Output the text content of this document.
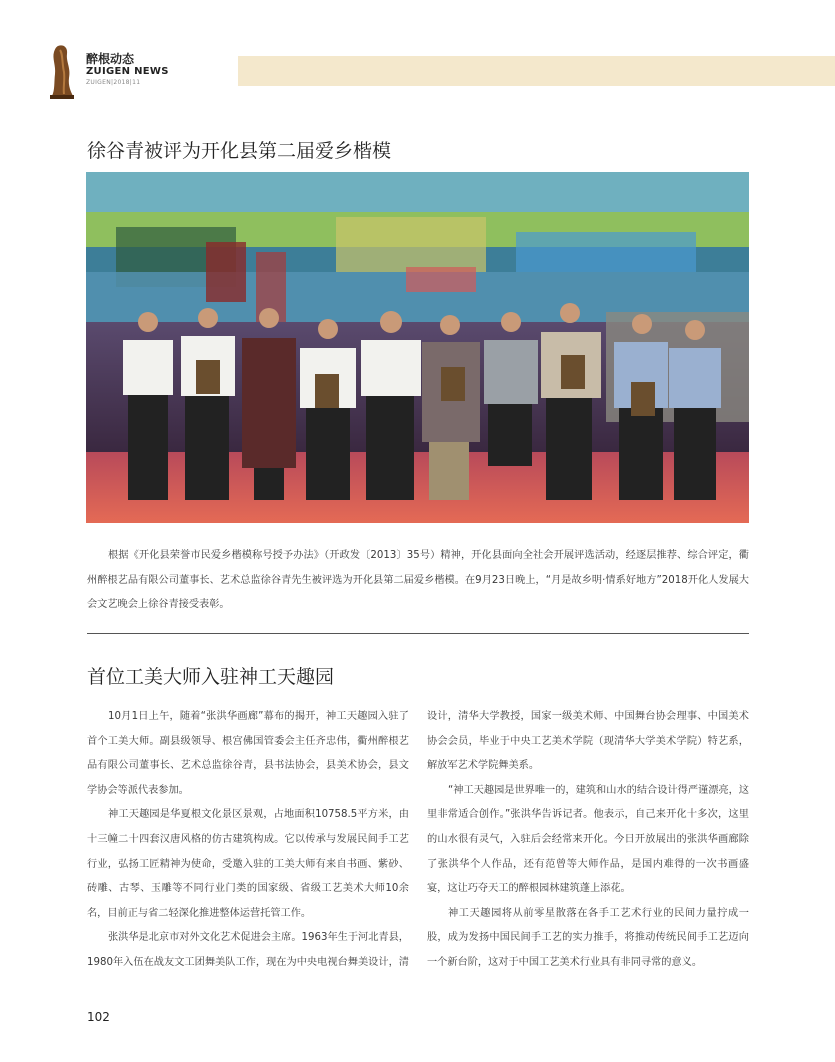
醉根动态
ZUIGEN NEWS
ZUIGEN|2018|11
徐谷青被评为开化县第二届爱乡楷模

根据《开化县荣誉市民爱乡楷模称号授予办法》（开政发〔2013〕35号）精神，开化县面向全社会开展评选活动，经逐层推荐、综合评定，衢州醉根艺品有限公司董事长、艺术总监徐谷青先生被评选为开化县第二届爱乡楷模。在9月23日晚上，“月是故乡明·情系好地方”2018开化人发展大会文艺晚会上徐谷青接受表彰。

首位工美大师入驻神工天趣园

10月1日上午，随着“张洪华画廊”幕布的揭开，神工天趣园入驻了首个工美大师。副县级领导、根宫佛国管委会主任齐忠伟，衢州醉根艺品有限公司董事长、艺术总监徐谷青，县书法协会，县美术协会，县文学协会等派代表参加。

神工天趣园是华夏根文化景区景观，占地面积10758.5平方米，由十三幢二十四套汉唐风格的仿古建筑构成。它以传承与发展民间手工艺行业，弘扬工匠精神为使命，受邀入驻的工美大师有来自书画、紫砂、砖雕、古琴、玉雕等不同行业门类的国家级、省级工艺美术大师10余名，目前正与省二轻深化推进整体运营托管工作。

张洪华是北京市对外文化艺术促进会主席。1963年生于河北青县，1980年入伍在战友文工团舞美队工作，现在为中央电视台舞美设计，清

设计，清华大学教授，国家一级美术师、中国舞台协会理事、中国美术协会会员，毕业于中央工艺美术学院（现清华大学美术学院）特艺系，解放军艺术学院舞美系。

“神工天趣园是世界唯一的，建筑和山水的结合设计得严谨漂亮，这里非常适合创作。”张洪华告诉记者。他表示，自己来开化十多次，这里的山水很有灵气，入驻后会经常来开化。今日开放展出的张洪华画廊除了张洪华个人作品，还有范曾等大师作品，是国内难得的一次书画盛宴，这让巧夺天工的醉根园林建筑蓬上添花。

神工天趣园将从前零星散落在各手工艺术行业的民间力量拧成一股，成为发扬中国民间手工艺的实力推手，将推动传统民间手工艺迈向一个新台阶，这对于中国工艺美术行业具有非同寻常的意义。

102
